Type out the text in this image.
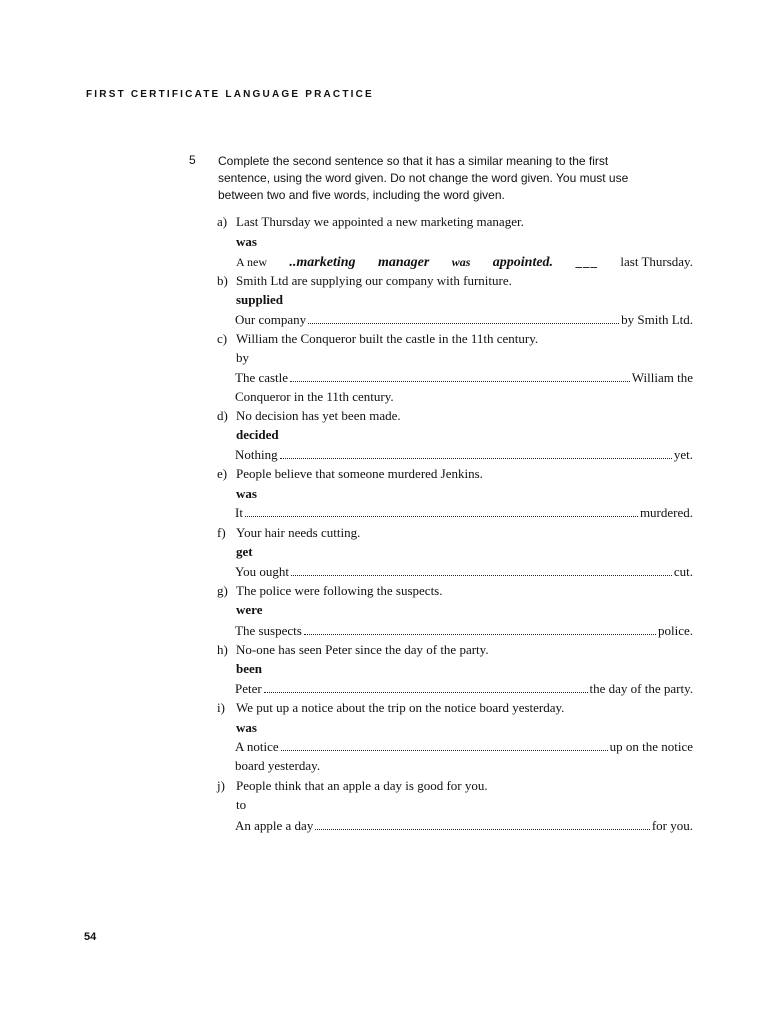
FIRST CERTIFICATE LANGUAGE PRACTICE
5 Complete the second sentence so that it has a similar meaning to the first
sentence, using the word given. Do not change the word given. You must use
between two and five words, including the word given.
a) Last Thursday we appointed a new marketing manager.
was
A new ..marketing manager was appointed. ___ last Thursday.
b) Smith Ltd are supplying our company with furniture.
supplied
Our company	by Smith Ltd.
c) William the Conqueror built the castle in the 11th century.
by
The castle	William the
Conqueror in the 11th century.
d) No decision has yet been made.
decided
Nothing	yet.
e) People believe that someone murdered Jenkins.
was
It	murdered.
f) Your hair needs cutting.
get
You ought	cut.
g) The police were following the suspects.
were
The suspects	police.
h) No-one has seen Peter since the day of the party.
been
Peter	the day of the party.
i) We put up a notice about the trip on the notice board yesterday.
was
A notice	up on the notice
board yesterday.
j) People think that an apple a day is good for you.
to
An apple a day	for you.
54
